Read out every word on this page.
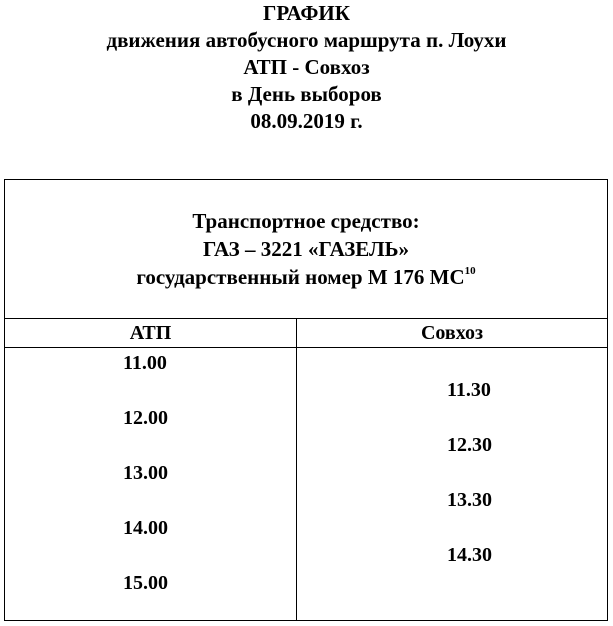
ГРАФИК
движения автобусного маршрута п. Лоухи
АТП - Совхоз
в День выборов
08.09.2019 г.
Транспортное средство:
ГАЗ – 3221 «ГАЗЕЛЬ»
государственный номер М 176 МС$^{10}$
АТП	Совхоз
11.00
12.00
13.00
14.00
15.00
11.30
12.30
13.30
14.30
